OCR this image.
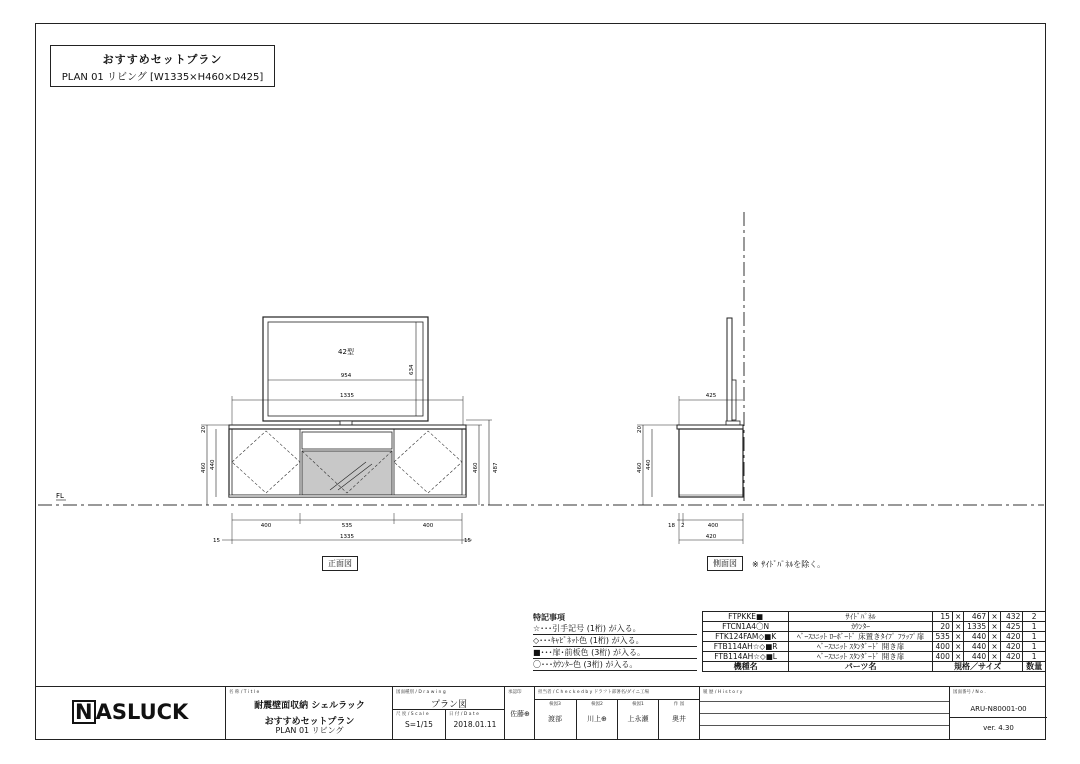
おすすめセットプラン
PLAN 01 リビング [W1335×H460×D425]
FL
42型
954
634
1335
460 440
20
460	487
400	535	400
1335
15	15
425
460 440
20
18 2	400
420
正面図	側面図	※ ｻｲﾄﾞﾊﾟﾈﾙを除く。
特記事項
☆･･･引手記号 (1桁) が入る。
◇･･･ｷｬﾋﾞﾈｯﾄ色 (1桁) が入る。
■･･･扉･前板色 (3桁) が入る。
〇･･･ｶｳﾝﾀｰ色 (3桁) が入る。
FTPKKE■	ｻｲﾄﾞﾊﾟﾈﾙ	15	×	467	×	432	2
FTCN1A4〇N	ｶｳﾝﾀｰ	20	×	1335	×	425	1
FTK124FAM◇■K	ﾍﾞｰｽﾕﾆｯﾄ ﾛｰﾎﾞｰﾄﾞ 床置きﾀｲﾌﾟ ﾌﾗｯﾌﾟ扉	535	×	440	×	420	1
FTB114AH☆◇■R	ﾍﾞｰｽﾕﾆｯﾄ ｽﾀﾝﾀﾞｰﾄﾞ 開き扉	400	×	440	×	420	1
FTB114AH☆◇■L	ﾍﾞｰｽﾕﾆｯﾄ ｽﾀﾝﾀﾞｰﾄﾞ 開き扉	400	×	440	×	420	1
機種名	パーツ名	規格／サイズ					数量
名 称 / T i t l e
耐震壁面収納 シェルラック
おすすめセットプラン
PLAN 01 リビング
図面種別 / D r a w i n g
プラン図
尺 度 / S c a l e	日 付 / D a t e
S=1/15	2018.01.11
承認印
佐藤⊕
担当者 / C h e c k e d b y ドラフト部署名/ダイニ工場
検図3
渡部
検図2
川上⊕
検図1
上永瀬
作 図
奥井
履 歴 / H i s t o r y	図面番号 / N o .
ARU-N80001-00
ver. 4.30
N ASLUCK
